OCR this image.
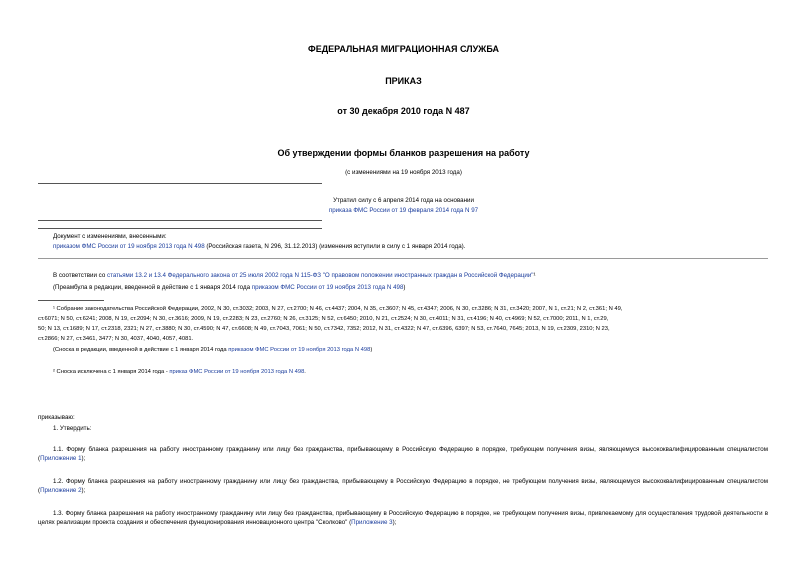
ФЕДЕРАЛЬНАЯ МИГРАЦИОННАЯ СЛУЖБА
ПРИКАЗ
от 30 декабря 2010 года N 487
Об утверждении формы бланков разрешения на работу
(с изменениями на 19 ноября 2013 года)
Утратил силу с 6 апреля 2014 года на основании
приказа ФМС России от 19 февраля 2014 года N 97
Документ с изменениями, внесенными:
приказом ФМС России от 19 ноября 2013 года N 498 (Российская газета, N 296, 31.12.2013) (изменения вступили в силу с 1 января 2014 года).
В соответствии со статьями 13.2 и 13.4 Федерального закона от 25 июля 2002 года N 115-ФЗ "О правовом положении иностранных граждан в Российской Федерации"¹
(Преамбула в редакции, введенной в действие с 1 января 2014 года приказом ФМС России от 19 ноября 2013 года N 498)
¹ Собрание законодательства Российской Федерации, 2002, N 30, ст.3032; 2003, N 27, ст.2700; N 46, ст.4437; 2004, N 35, ст.3607; N 45, ст.4347; 2006, N 30, ст.3286; N 31, ст.3420; 2007, N 1, ст.21; N 2, ст.361; N 49,
ст.6071; N 50, ст.6241; 2008, N 19, ст.2094; N 30, ст.3616; 2009, N 19, ст.2283; N 23, ст.2760; N 26, ст.3125; N 52, ст.6450; 2010, N 21, ст.2524; N 30, ст.4011; N 31, ст.4196; N 40, ст.4969; N 52, ст.7000; 2011, N 1, ст.29,
50; N 13, ст.1689; N 17, ст.2318, 2321; N 27, ст.3880; N 30, ст.4590; N 47, ст.6608; N 49, ст.7043, 7061; N 50, ст.7342, 7352; 2012, N 31, ст.4322; N 47, ст.6396, 6397; N 53, ст.7640, 7645; 2013, N 19, ст.2309, 2310; N 23,
ст.2866; N 27, ст.3461, 3477; N 30, 4037, 4040, 4057, 4081.
(Сноска в редакции, введенной в действие с 1 января 2014 года приказом ФМС России от 19 ноября 2013 года N 498)
² Сноска исключена с 1 января 2014 года - приказ ФМС России от 19 ноября 2013 года N 498.
приказываю:
1. Утвердить:
1.1. Форму бланка разрешения на работу иностранному гражданину или лицу без гражданства, прибывающему в Российскую Федерацию в порядке, требующем получения визы, являющемуся высококвалифицированным специалистом (Приложение 1);
1.2. Форму бланка разрешения на работу иностранному гражданину или лицу без гражданства, прибывающему в Российскую Федерацию в порядке, не требующем получения визы, являющемуся высококвалифицированным специалистом (Приложение 2);
1.3. Форму бланка разрешения на работу иностранному гражданину или лицу без гражданства, прибывающему в Российскую Федерацию в порядке, не требующем получения визы, привлекаемому для осуществления трудовой деятельности в целях реализации проекта создания и обеспечения функционирования инновационного центра "Сколково" (Приложение 3);
